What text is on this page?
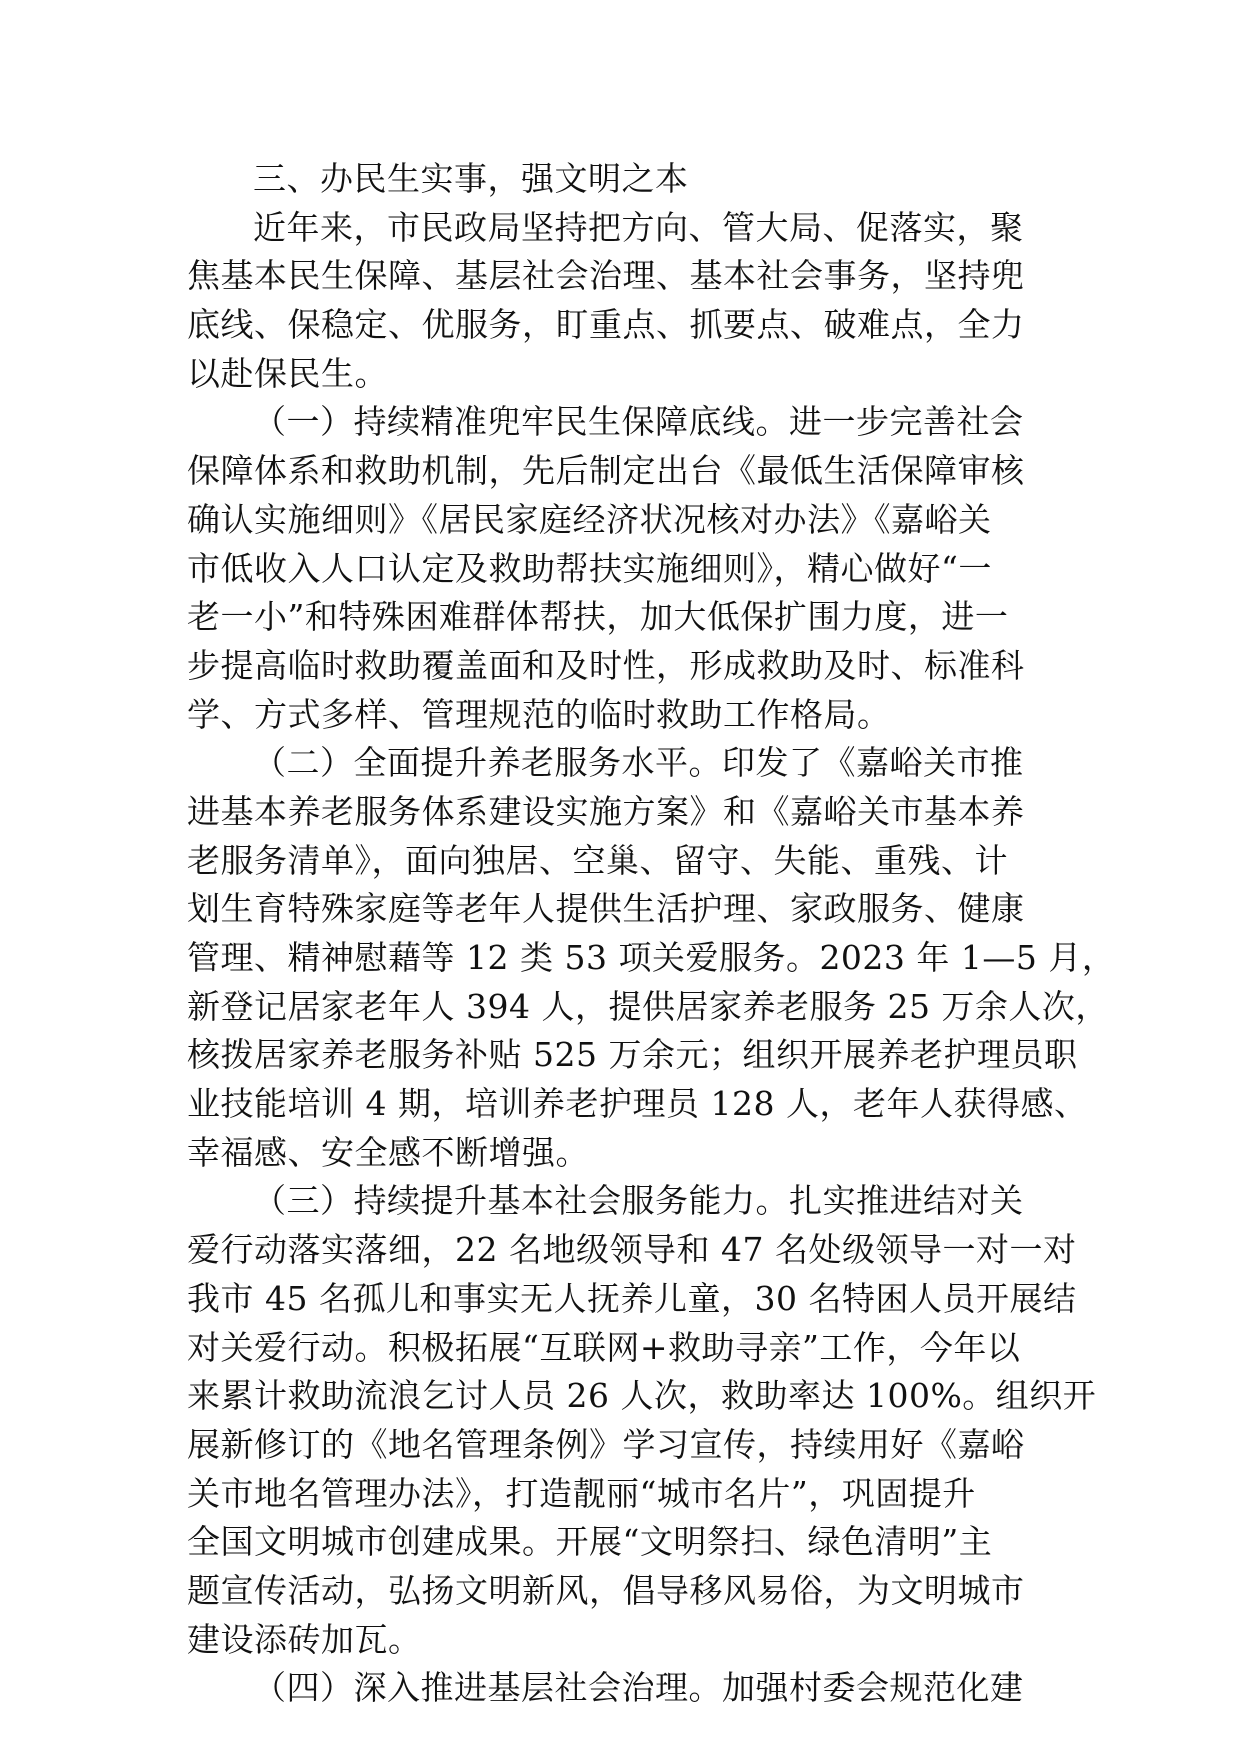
三、办民生实事，强文明之本
近年来，市民政局坚持把方向、管大局、促落实，聚
焦基本民生保障、基层社会治理、基本社会事务，坚持兜
底线、保稳定、优服务，盯重点、抓要点、破难点，全力
以赴保民生。
（一）持续精准兜牢民生保障底线。进一步完善社会
保障体系和救助机制，先后制定出台《最低生活保障审核
确认实施细则》《居民家庭经济状况核对办法》《嘉峪关
市低收入人口认定及救助帮扶实施细则》，精心做好“一
老一小”和特殊困难群体帮扶，加大低保扩围力度，进一
步提高临时救助覆盖面和及时性，形成救助及时、标准科
学、方式多样、管理规范的临时救助工作格局。
（二）全面提升养老服务水平。印发了《嘉峪关市推
进基本养老服务体系建设实施方案》和《嘉峪关市基本养
老服务清单》，面向独居、空巢、留守、失能、重残、计
划生育特殊家庭等老年人提供生活护理、家政服务、健康
管理、精神慰藉等 12 类 53 项关爱服务。2023 年 1—5 月，
新登记居家老年人 394 人，提供居家养老服务 25 万余人次，
核拨居家养老服务补贴 525 万余元；组织开展养老护理员职
业技能培训 4 期，培训养老护理员 128 人，老年人获得感、
幸福感、安全感不断增强。
（三）持续提升基本社会服务能力。扎实推进结对关
爱行动落实落细，22 名地级领导和 47 名处级领导一对一对
我市 45 名孤儿和事实无人抚养儿童，30 名特困人员开展结
对关爱行动。积极拓展“互联网+救助寻亲”工作，今年以
来累计救助流浪乞讨人员 26 人次，救助率达 100%。组织开
展新修订的《地名管理条例》学习宣传，持续用好《嘉峪
关市地名管理办法》，打造靓丽“城市名片”，巩固提升
全国文明城市创建成果。开展“文明祭扫、绿色清明”主
题宣传活动，弘扬文明新风，倡导移风易俗，为文明城市
建设添砖加瓦。
（四）深入推进基层社会治理。加强村委会规范化建
